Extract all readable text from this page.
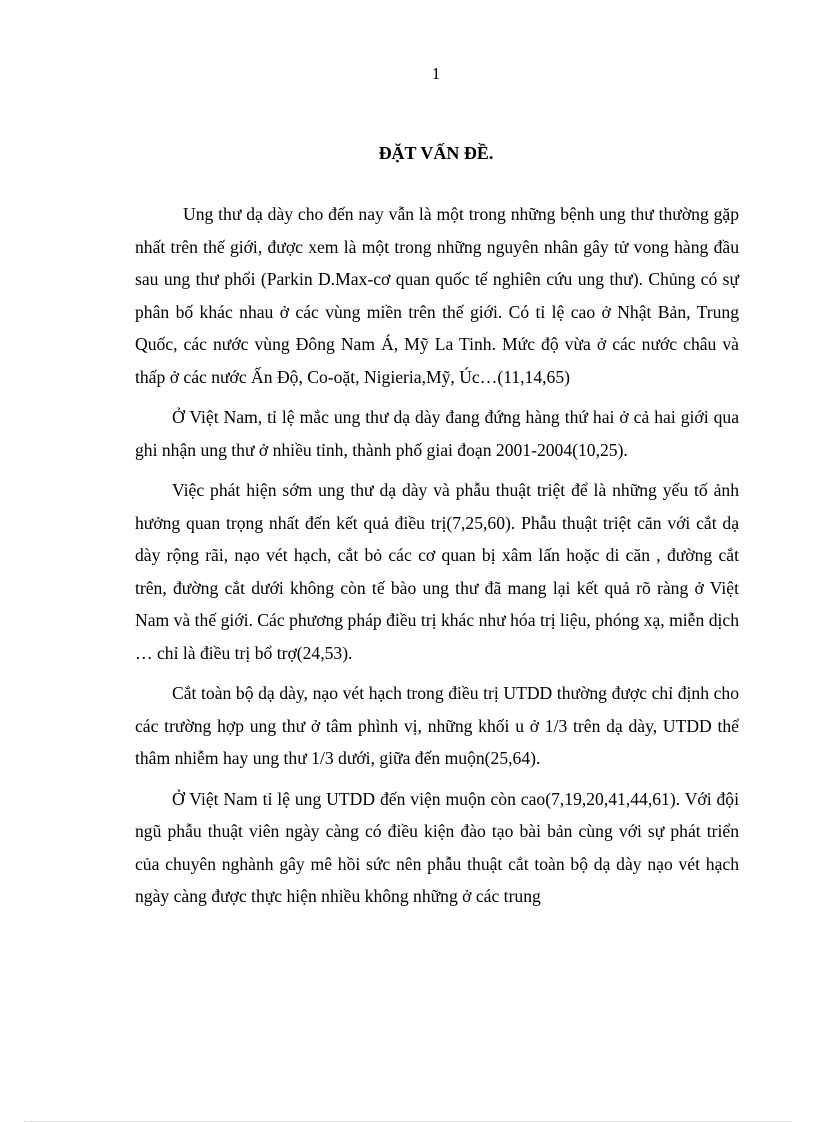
1
ĐẶT VẤN ĐỀ.

Ung thư dạ dày cho đến nay vẫn là một trong những bệnh ung thư thường gặp nhất trên thế giới, được xem là một trong những nguyên nhân gây tử vong hàng đầu sau ung thư phổi (Parkin D.Max-cơ quan quốc tế nghiên cứu ung thư). Chủng có sự phân bố khác nhau ở các vùng miền trên thế giới. Có tỉ lệ cao ở Nhật Bản, Trung Quốc, các nước vùng Đông Nam Á, Mỹ La Tinh. Mức độ vừa ở các nước châu và thấp ở các nước Ấn Độ, Co-oặt, Nigieria,Mỹ, Úc…(11,14,65)

Ở Việt Nam, tỉ lệ mắc ung thư dạ dày đang đứng hàng thứ hai ở cả hai giới qua ghi nhận ung thư ở nhiều tỉnh, thành phố giai đoạn 2001-2004(10,25).

Việc phát hiện sớm ung thư dạ dày và phẫu thuật triệt để là những yếu tố ảnh hưởng quan trọng nhất đến kết quả điều trị(7,25,60). Phẫu thuật triệt căn với cắt dạ dày rộng rãi, nạo vét hạch, cắt bỏ các cơ quan bị xâm lấn hoặc di căn , đường cắt trên, đường cắt dưới không còn tế bào ung thư đã mang lại kết quả rõ ràng ở Việt Nam và thế giới. Các phương pháp điều trị khác như hóa trị liệu, phóng xạ, miễn dịch … chỉ là điều trị bổ trợ(24,53).

Cắt toàn bộ dạ dày, nạo vét hạch trong điều trị UTDD thường được chỉ định cho các trường hợp ung thư ở tâm phình vị, những khối u ở 1/3 trên dạ dày, UTDD thể thâm nhiễm hay ung thư 1/3 dưới, giữa đến muộn(25,64).

Ở Việt Nam tỉ lệ ung UTDD đến viện muộn còn cao(7,19,20,41,44,61). Với đội ngũ phẫu thuật viên ngày càng có điều kiện đào tạo bài bản cùng với sự phát triển của chuyên nghành gây mê hồi sức nên phẫu thuật cắt toàn bộ dạ dày nạo vét hạch ngày càng được thực hiện nhiều không những ở các trung
